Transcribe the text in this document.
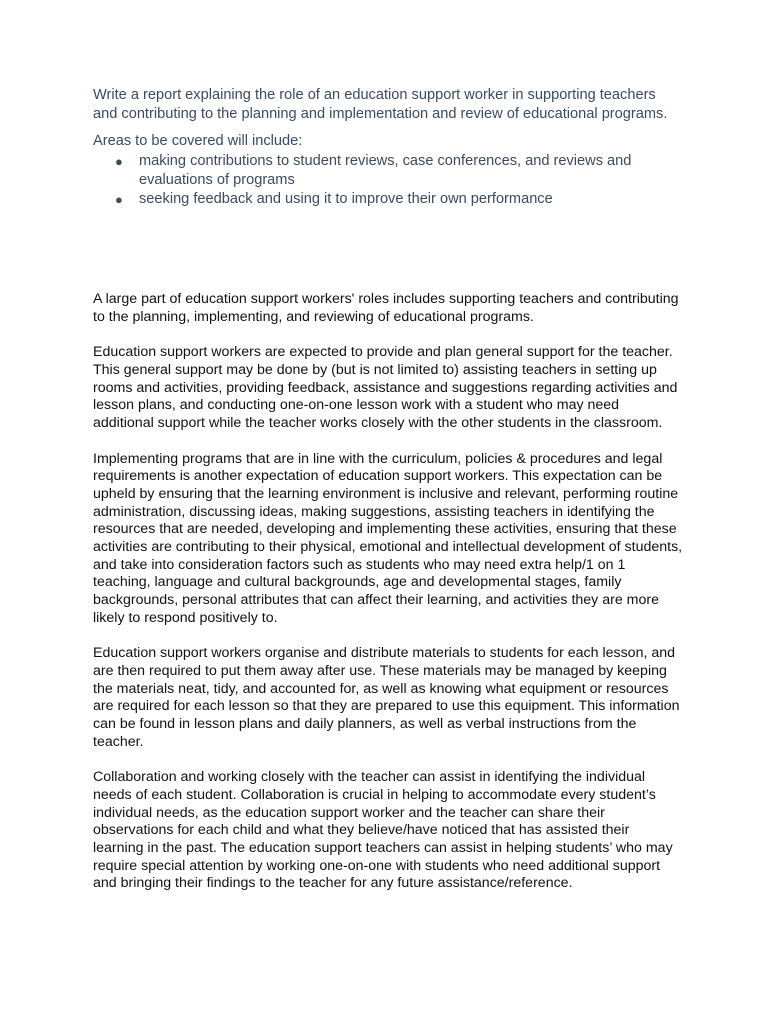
Write a report explaining the role of an education support worker in supporting teachers and contributing to the planning and implementation and review of educational programs.

Areas to be covered will include:

● making contributions to student reviews, case conferences, and reviews and evaluations of programs
● seeking feedback and using it to improve their own performance

A large part of education support workers' roles includes supporting teachers and contributing to the planning, implementing, and reviewing of educational programs.

Education support workers are expected to provide and plan general support for the teacher. This general support may be done by (but is not limited to) assisting teachers in setting up rooms and activities, providing feedback, assistance and suggestions regarding activities and lesson plans, and conducting one-on-one lesson work with a student who may need additional support while the teacher works closely with the other students in the classroom.

Implementing programs that are in line with the curriculum, policies & procedures and legal requirements is another expectation of education support workers. This expectation can be upheld by ensuring that the learning environment is inclusive and relevant, performing routine administration, discussing ideas, making suggestions, assisting teachers in identifying the resources that are needed, developing and implementing these activities, ensuring that these activities are contributing to their physical, emotional and intellectual development of students, and take into consideration factors such as students who may need extra help/1 on 1 teaching, language and cultural backgrounds, age and developmental stages, family backgrounds, personal attributes that can affect their learning, and activities they are more likely to respond positively to.

Education support workers organise and distribute materials to students for each lesson, and are then required to put them away after use. These materials may be managed by keeping the materials neat, tidy, and accounted for, as well as knowing what equipment or resources are required for each lesson so that they are prepared to use this equipment. This information can be found in lesson plans and daily planners, as well as verbal instructions from the teacher.

Collaboration and working closely with the teacher can assist in identifying the individual needs of each student. Collaboration is crucial in helping to accommodate every student’s individual needs, as the education support worker and the teacher can share their observations for each child and what they believe/have noticed that has assisted their learning in the past. The education support teachers can assist in helping students’ who may require special attention by working one-on-one with students who need additional support and bringing their findings to the teacher for any future assistance/reference.
